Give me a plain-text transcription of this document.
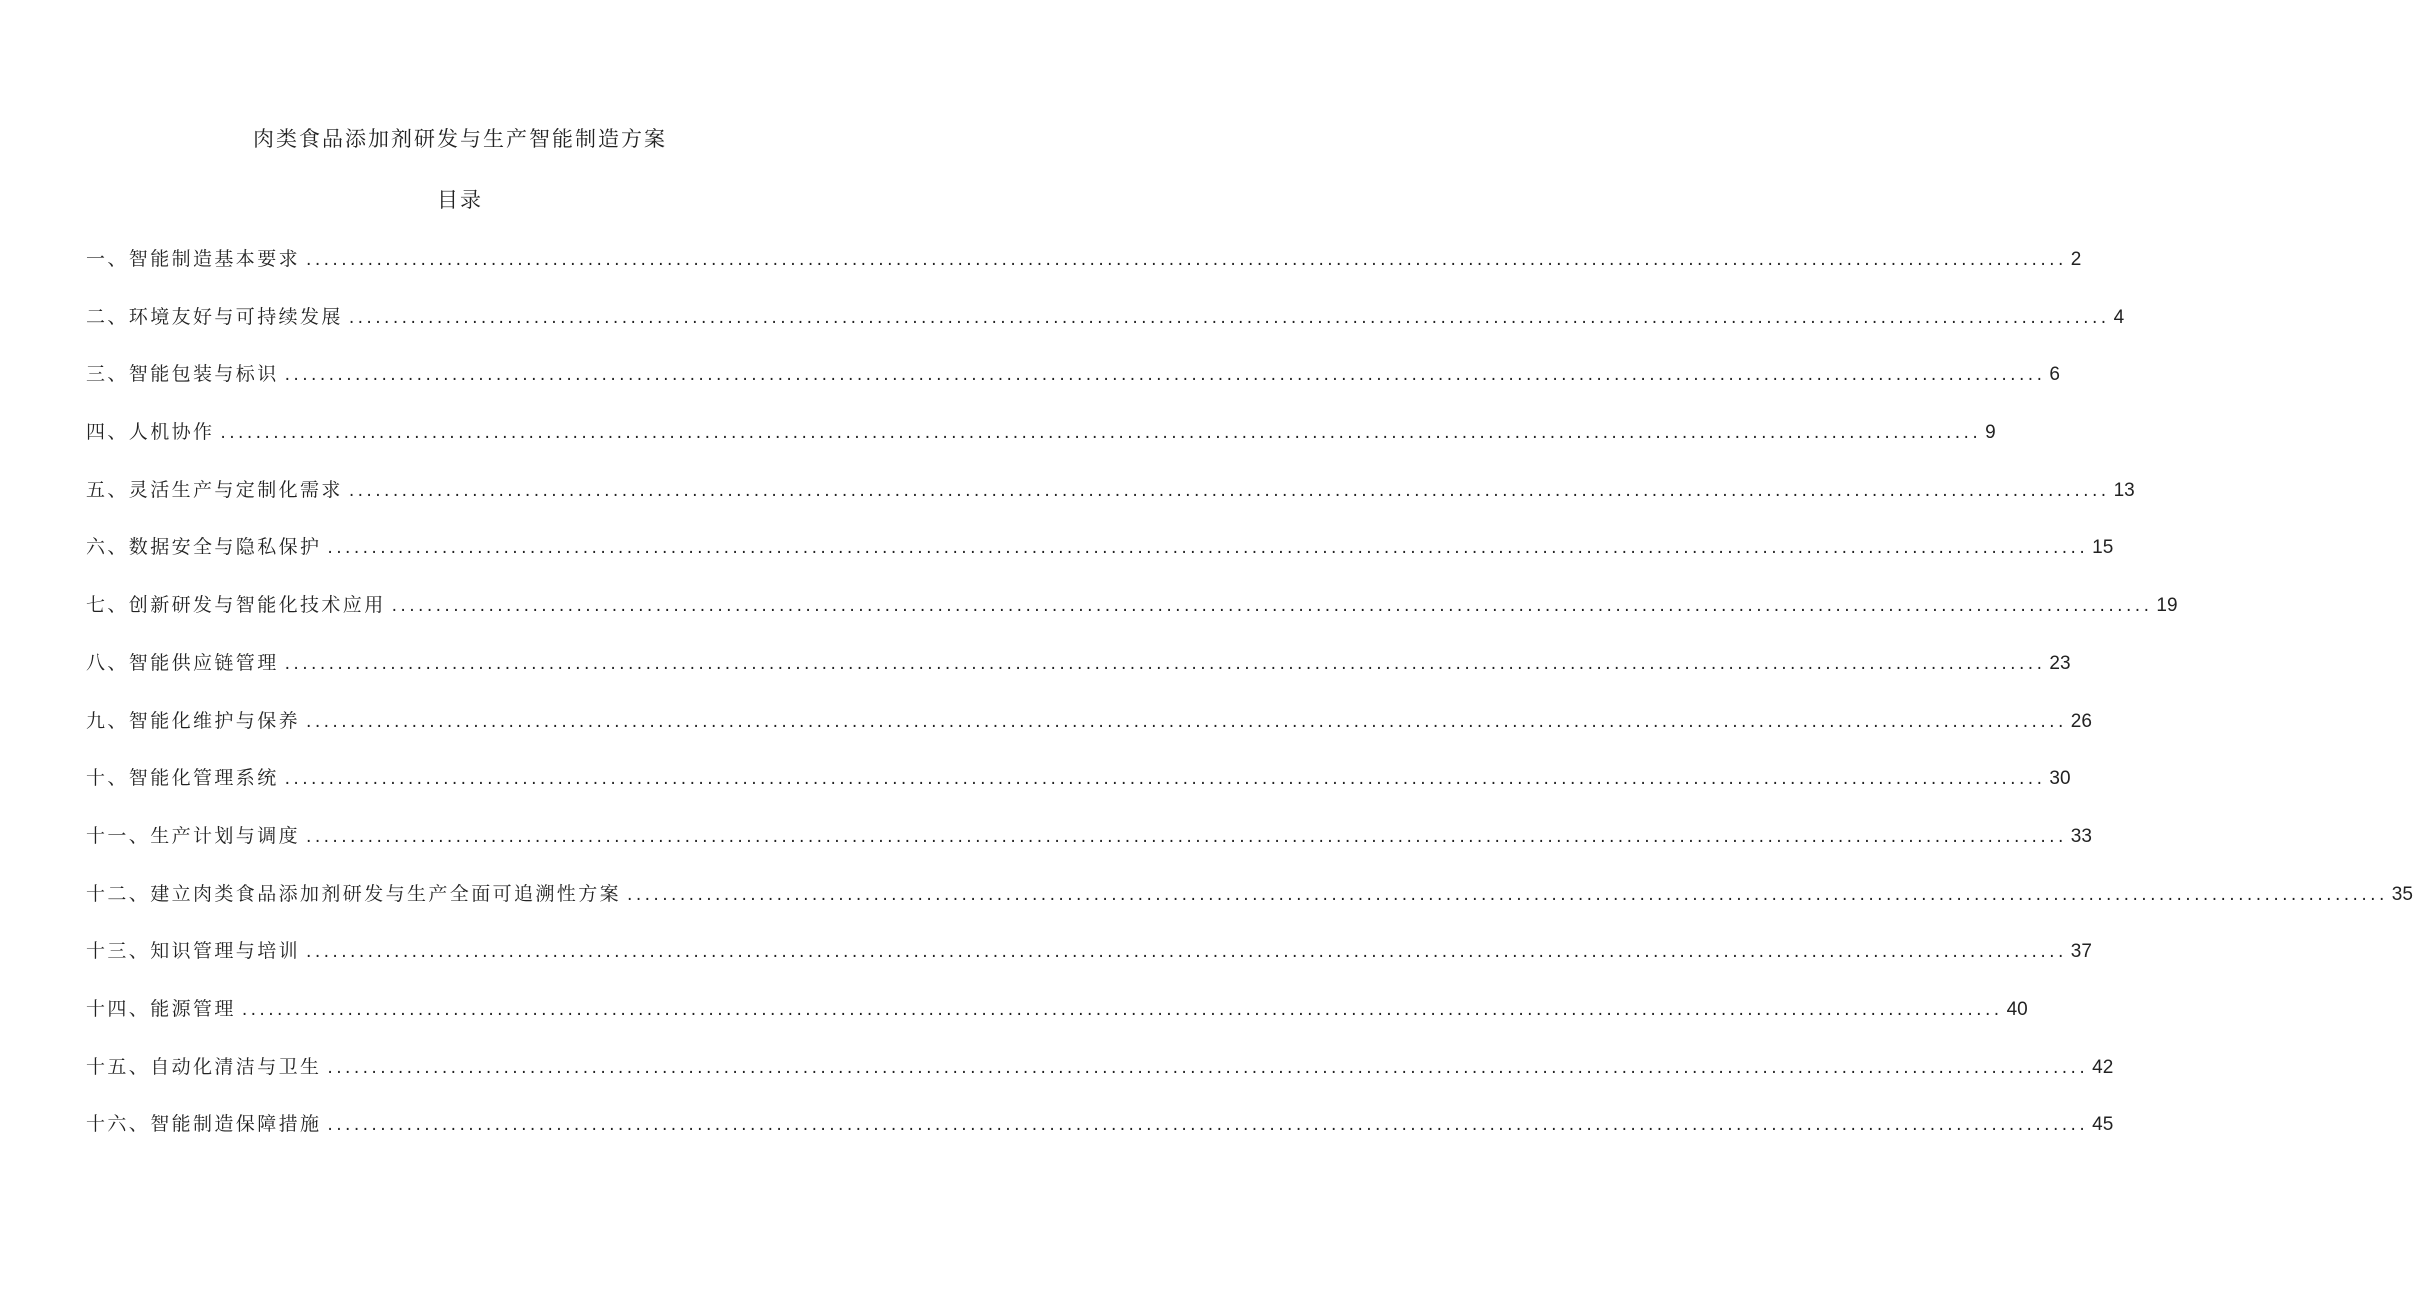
肉类食品添加剂研发与生产智能制造方案
目录
一、智能制造基本要求 ........................................................................................................................................................................................................ 2
二、环境友好与可持续发展 ........................................................................................................................................................................................................ 4
三、智能包装与标识 ........................................................................................................................................................................................................ 6
四、人机协作 ........................................................................................................................................................................................................ 9
五、灵活生产与定制化需求 ........................................................................................................................................................................................................ 13
六、数据安全与隐私保护 ........................................................................................................................................................................................................ 15
七、创新研发与智能化技术应用 ........................................................................................................................................................................................................ 19
八、智能供应链管理 ........................................................................................................................................................................................................ 23
九、智能化维护与保养 ........................................................................................................................................................................................................ 26
十、智能化管理系统 ........................................................................................................................................................................................................ 30
十一、生产计划与调度 ........................................................................................................................................................................................................ 33
十二、建立肉类食品添加剂研发与生产全面可追溯性方案 ........................................................................................................................................................................................................ 35
十三、知识管理与培训 ........................................................................................................................................................................................................ 37
十四、能源管理 ........................................................................................................................................................................................................ 40
十五、自动化清洁与卫生 ........................................................................................................................................................................................................ 42
十六、智能制造保障措施 ........................................................................................................................................................................................................ 45
